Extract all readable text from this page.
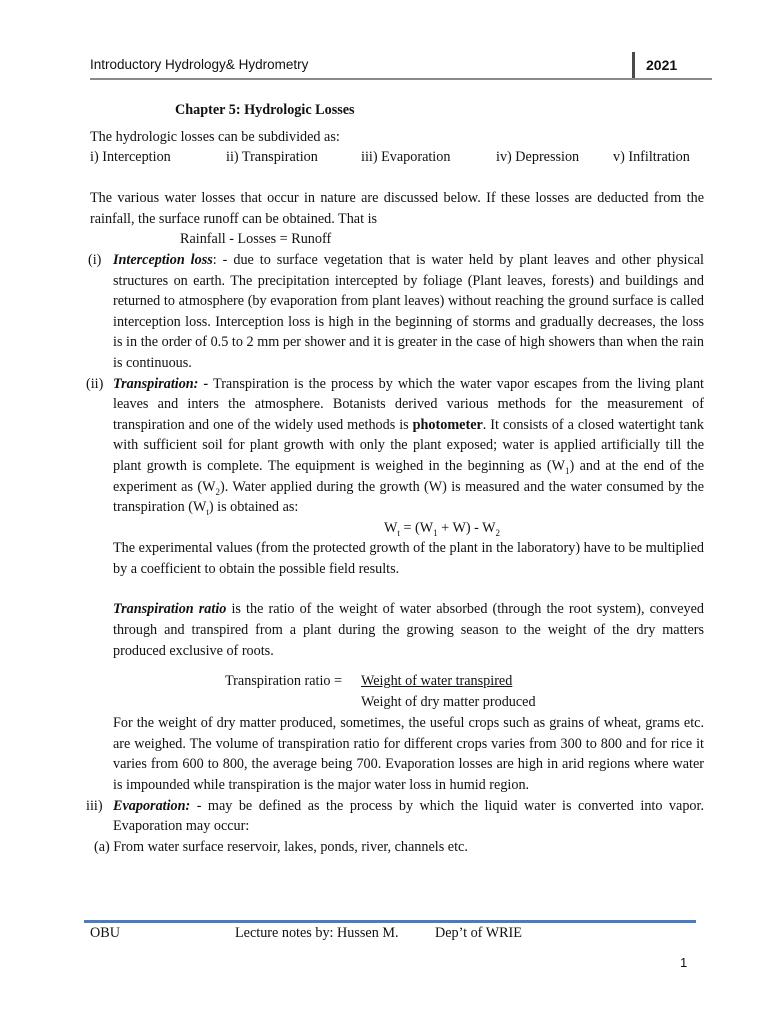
Introductory Hydrology& Hydrometry	2021

Chapter 5: Hydrologic Losses

The hydrologic losses can be subdivided as:

i) Interception	ii) Transpiration	iii) Evaporation	iv) Depression v) Infiltration

The various water losses that occur in nature are discussed below. If these losses are deducted from the rainfall, the surface runoff can be obtained. That is

Rainfall - Losses = Runoff

(i) Interception loss: - due to surface vegetation that is water held by plant leaves and other physical structures on earth. The precipitation intercepted by foliage (Plant leaves, forests) and buildings and returned to atmosphere (by evaporation from plant leaves) without reaching the ground surface is called interception loss. Interception loss is high in the beginning of storms and gradually decreases, the loss is in the order of 0.5 to 2 mm per shower and it is greater in the case of high showers than when the rain is continuous.
(ii) Transpiration: - Transpiration is the process by which the water vapor escapes from the living plant leaves and inters the atmosphere. Botanists derived various methods for the measurement of transpiration and one of the widely used methods is photometer. It consists of a closed watertight tank with sufficient soil for plant growth with only the plant exposed; water is applied artificially till the plant growth is complete. The equipment is weighed in the beginning as $(W_1)$ and at the end of the experiment as $(W_2)$. Water applied during the growth (W) is measured and the water consumed by the transpiration $(W_t)$ is obtained as:

$W_t = (W_1 + W) - W_2$

The experimental values (from the protected growth of the plant in the laboratory) have to be multiplied by a coefficient to obtain the possible field results.

Transpiration ratio is the ratio of the weight of water absorbed (through the root system), conveyed through and transpired from a plant during the growing season to the weight of the dry matters produced exclusive of roots.

Transpiration ratio = Weight of water transpired
Weight of dry matter produced

For the weight of dry matter produced, sometimes, the useful crops such as grains of wheat, grams etc. are weighed. The volume of transpiration ratio for different crops varies from 300 to 800 and for rice it varies from 600 to 800, the average being 700. Evaporation losses are high in arid regions where water is impounded while transpiration is the major water loss in humid region.

iii) Evaporation: - may be defined as the process by which the liquid water is converted into vapor. Evaporation may occur:

(a) From water surface reservoir, lakes, ponds, river, channels etc.

OBU	Lecture notes by: Hussen M.	Dep’t of WRIE
1
